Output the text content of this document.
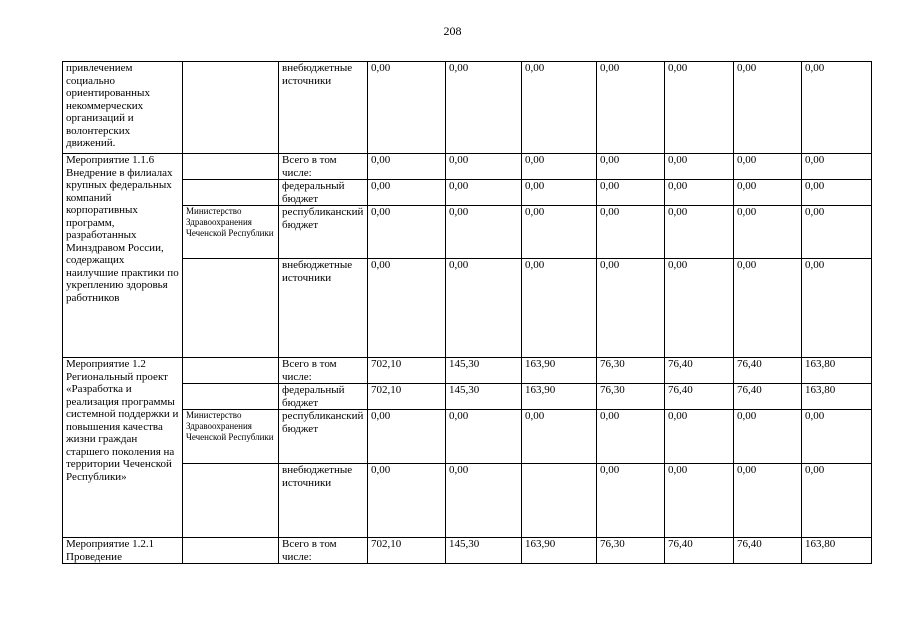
208
привлечением социально ориентированных некоммерческих организаций и волонтерских движений.		внебюджетные источники	0,00	0,00	0,00	0,00	0,00	0,00	0,00
Мероприятие 1.1.6 Внедрение в филиалах крупных федеральных компаний корпоративных программ, разработанных Минздравом России, содержащих наилучшие практики по укреплению здоровья работников		Всего в том числе:	0,00	0,00	0,00	0,00	0,00	0,00	0,00
		федеральный бюджет	0,00	0,00	0,00	0,00	0,00	0,00	0,00
	Министерство Здравоохранения Чеченской Республики	республиканский бюджет	0,00	0,00	0,00	0,00	0,00	0,00	0,00
		внебюджетные источники	0,00	0,00	0,00	0,00	0,00	0,00	0,00
Мероприятие 1.2 Региональный проект «Разработка и реализация программы системной поддержки и повышения качества жизни граждан старшего поколения на территории Чеченской Республики»		Всего в том числе:	702,10	145,30	163,90	76,30	76,40	76,40	163,80
		федеральный бюджет	702,10	145,30	163,90	76,30	76,40	76,40	163,80
	Министерство Здравоохранения Чеченской Республики	республиканский бюджет	0,00	0,00	0,00	0,00	0,00	0,00	0,00
		внебюджетные источники	0,00	0,00		0,00	0,00	0,00	0,00
Мероприятие 1.2.1 Проведение		Всего в том числе:	702,10	145,30	163,90	76,30	76,40	76,40	163,80
